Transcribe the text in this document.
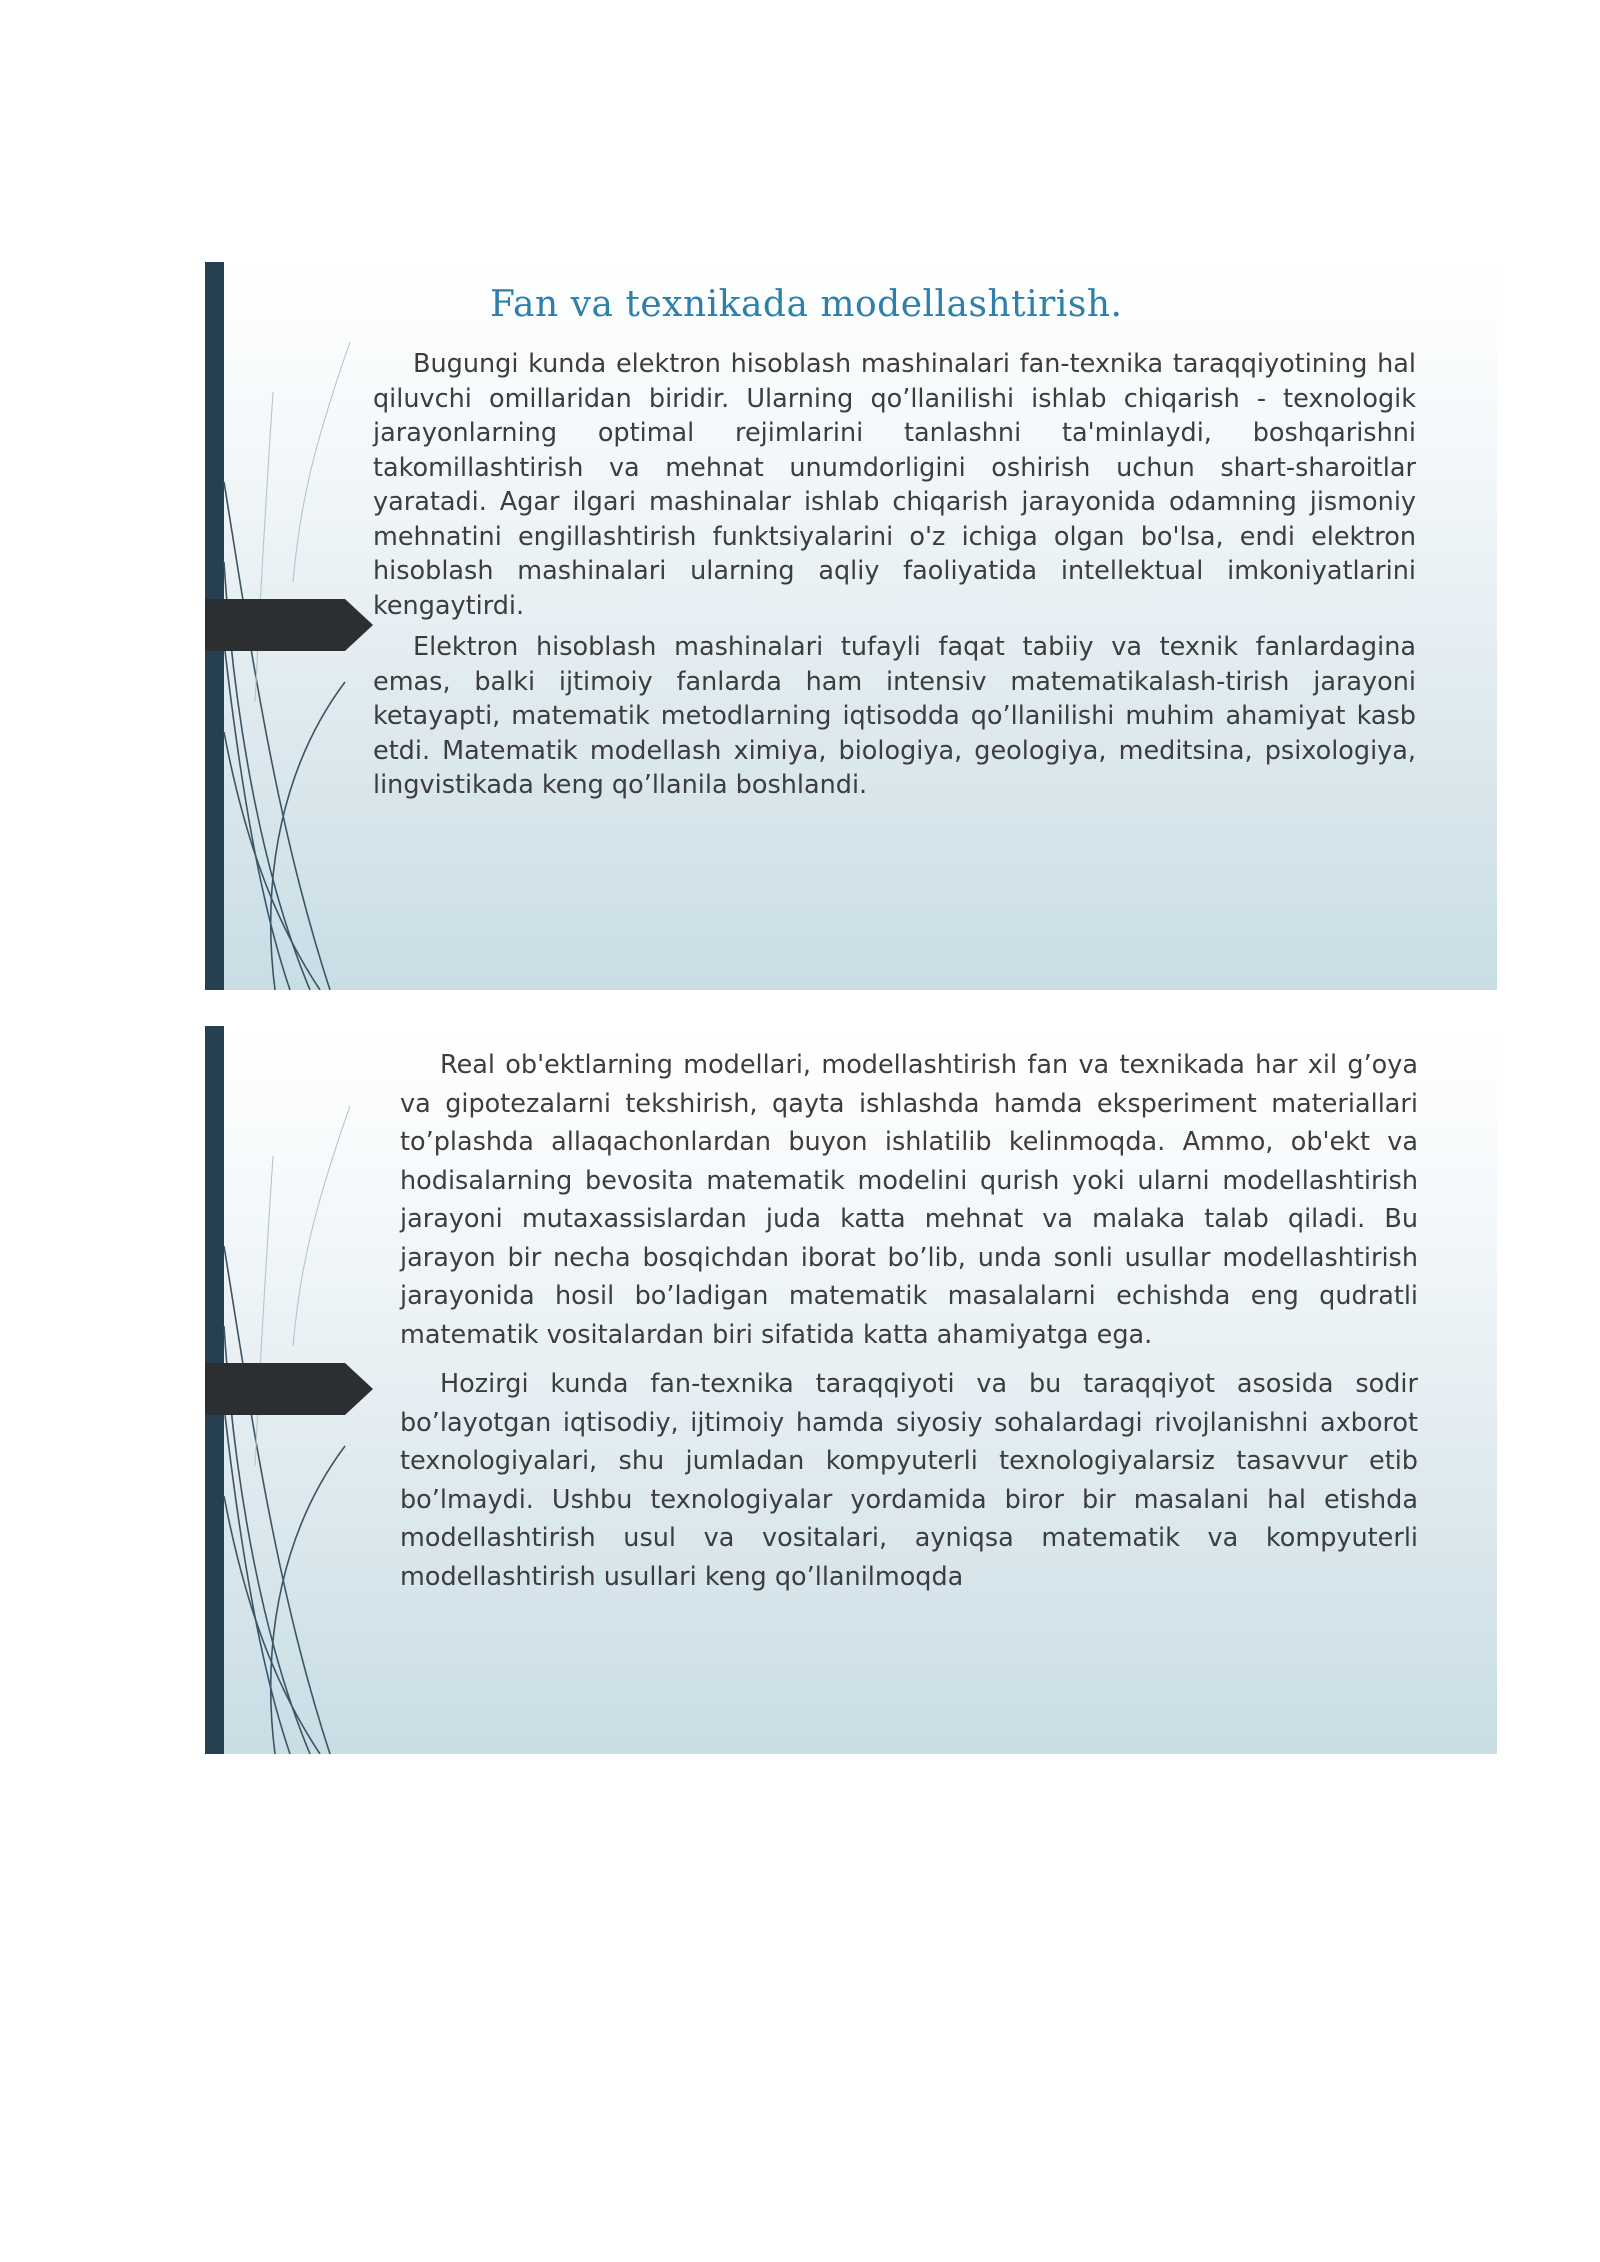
Fan va texnikada modellashtirish.

Bugungi kunda elektron hisoblash mashinalari fan-texnika taraqqiyotining hal qiluvchi omillaridan biridir. Ularning qo’llanilishi ishlab chiqarish - texnologik jarayonlarning optimal rejimlarini tanlashni ta'minlaydi, boshqarishni takomillashtirish va mehnat unumdorligini oshirish uchun shart-sharoitlar yaratadi. Agar ilgari mashinalar ishlab chiqarish jarayonida odamning jismoniy mehnatini engillashtirish funktsiyalarini o'z ichiga olgan bo'lsa, endi elektron hisoblash mashinalari ularning aqliy faoliyatida intellektual imkoniyatlarini kengaytirdi.

Elektron hisoblash mashinalari tufayli faqat tabiiy va texnik fanlardagina emas, balki ijtimoiy fanlarda ham intensiv matematikalash-tirish jarayoni ketayapti, matematik metodlarning iqtisodda qo’llanilishi muhim ahamiyat kasb etdi. Matematik modellash ximiya, biologiya, geologiya, meditsina, psixologiya, lingvistikada keng qo’llanila boshlandi.

Real ob'ektlarning modellari, modellashtirish fan va texnikada har xil g’oya va gipotezalarni tekshirish, qayta ishlashda hamda eksperiment materiallari to’plashda allaqachonlardan buyon ishlatilib kelinmoqda. Ammo, ob'ekt va hodisalarning bevosita matematik modelini qurish yoki ularni modellashtirish jarayoni mutaxassislardan juda katta mehnat va malaka talab qiladi. Bu jarayon bir necha bosqichdan iborat bo’lib, unda sonli usullar modellashtirish jarayonida hosil bo’ladigan matematik masalalarni echishda eng qudratli matematik vositalardan biri sifatida katta ahamiyatga ega.

Hozirgi kunda fan-texnika taraqqiyoti va bu taraqqiyot asosida sodir bo’layotgan iqtisodiy, ijtimoiy hamda siyosiy sohalardagi rivojlanishni axborot texnologiyalari, shu jumladan kompyuterli texnologiyalarsiz tasavvur etib bo’lmaydi. Ushbu texnologiyalar yordamida biror bir masalani hal etishda modellashtirish usul va vositalari, ayniqsa matematik va kompyuterli modellashtirish usullari keng qo’llanilmoqda
